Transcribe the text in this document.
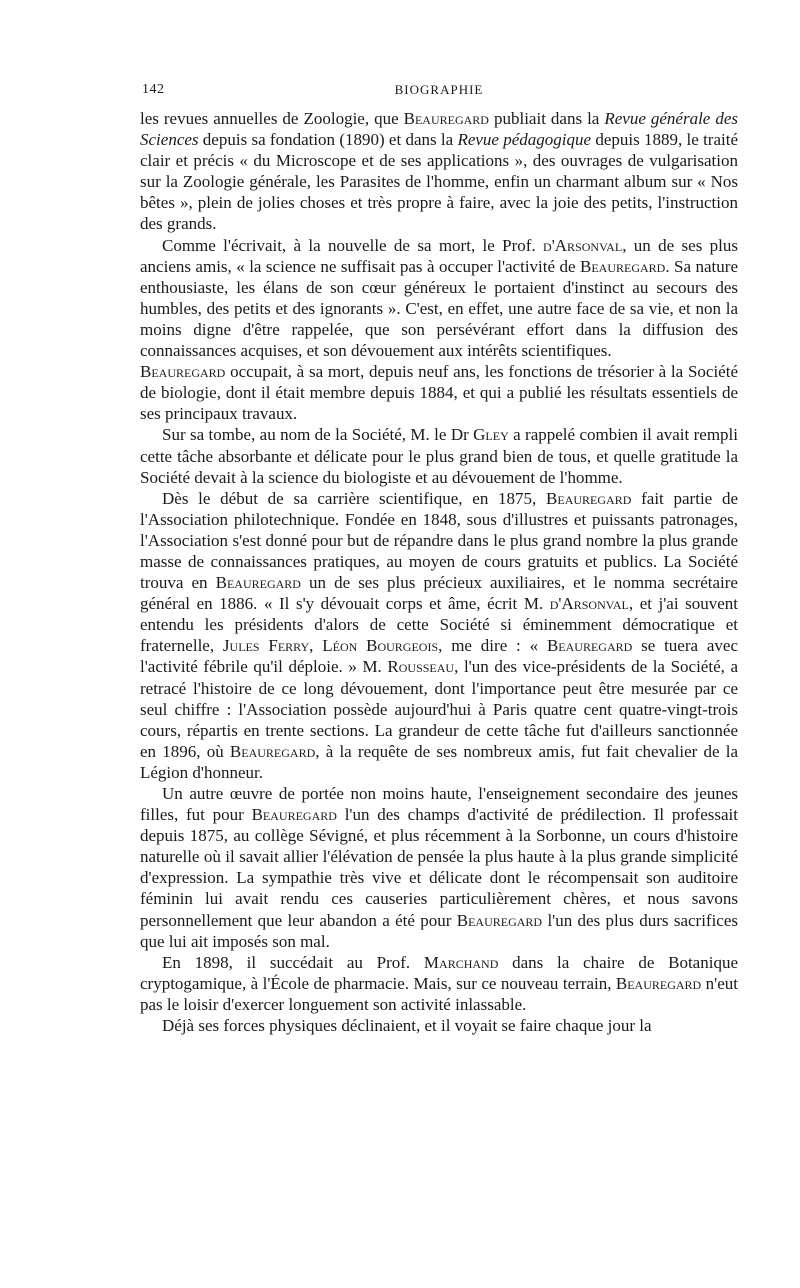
142	BIOGRAPHIE

les revues annuelles de Zoologie, que Beauregard publiait dans la Revue générale des Sciences depuis sa fondation (1890) et dans la Revue pédagogique depuis 1889, le traité clair et précis « du Microscope et de ses applications », des ouvrages de vulgarisation sur la Zoologie générale, les Parasites de l'homme, enfin un charmant album sur « Nos bêtes », plein de jolies choses et très propre à faire, avec la joie des petits, l'instruction des grands.

Comme l'écrivait, à la nouvelle de sa mort, le Prof. d'Arsonval, un de ses plus anciens amis, « la science ne suffisait pas à occuper l'activité de Beauregard. Sa nature enthousiaste, les élans de son cœur généreux le portaient d'instinct au secours des humbles, des petits et des ignorants ». C'est, en effet, une autre face de sa vie, et non la moins digne d'être rappelée, que son persévérant effort dans la diffusion des connaissances acquises, et son dévouement aux intérêts scientifiques.

Beauregard occupait, à sa mort, depuis neuf ans, les fonctions de trésorier à la Société de biologie, dont il était membre depuis 1884, et qui a publié les résultats essentiels de ses principaux travaux.

Sur sa tombe, au nom de la Société, M. le Dr Gley a rappelé combien il avait rempli cette tâche absorbante et délicate pour le plus grand bien de tous, et quelle gratitude la Société devait à la science du biologiste et au dévouement de l'homme.

Dès le début de sa carrière scientifique, en 1875, Beauregard fait partie de l'Association philotechnique. Fondée en 1848, sous d'illustres et puissants patronages, l'Association s'est donné pour but de répandre dans le plus grand nombre la plus grande masse de connaissances pratiques, au moyen de cours gratuits et publics. La Société trouva en Beauregard un de ses plus précieux auxiliaires, et le nomma secrétaire général en 1886. « Il s'y dévouait corps et âme, écrit M. d'Arsonval, et j'ai souvent entendu les présidents d'alors de cette Société si éminemment démocratique et fraternelle, Jules Ferry, Léon Bourgeois, me dire : « Beauregard se tuera avec l'activité fébrile qu'il déploie. » M. Rousseau, l'un des vice-présidents de la Société, a retracé l'histoire de ce long dévouement, dont l'importance peut être mesurée par ce seul chiffre : l'Association possède aujourd'hui à Paris quatre cent quatre-vingt-trois cours, répartis en trente sections. La grandeur de cette tâche fut d'ailleurs sanctionnée en 1896, où Beauregard, à la requête de ses nombreux amis, fut fait chevalier de la Légion d'honneur.

Un autre œuvre de portée non moins haute, l'enseignement secondaire des jeunes filles, fut pour Beauregard l'un des champs d'activité de prédilection. Il professait depuis 1875, au collège Sévigné, et plus récemment à la Sorbonne, un cours d'histoire naturelle où il savait allier l'élévation de pensée la plus haute à la plus grande simplicité d'expression. La sympathie très vive et délicate dont le récompensait son auditoire féminin lui avait rendu ces causeries particulièrement chères, et nous savons personnellement que leur abandon a été pour Beauregard l'un des plus durs sacrifices que lui ait imposés son mal.

En 1898, il succédait au Prof. Marchand dans la chaire de Botanique cryptogamique, à l'École de pharmacie. Mais, sur ce nouveau terrain, Beauregard n'eut pas le loisir d'exercer longuement son activité inlassable.

Déjà ses forces physiques déclinaient, et il voyait se faire chaque jour la
